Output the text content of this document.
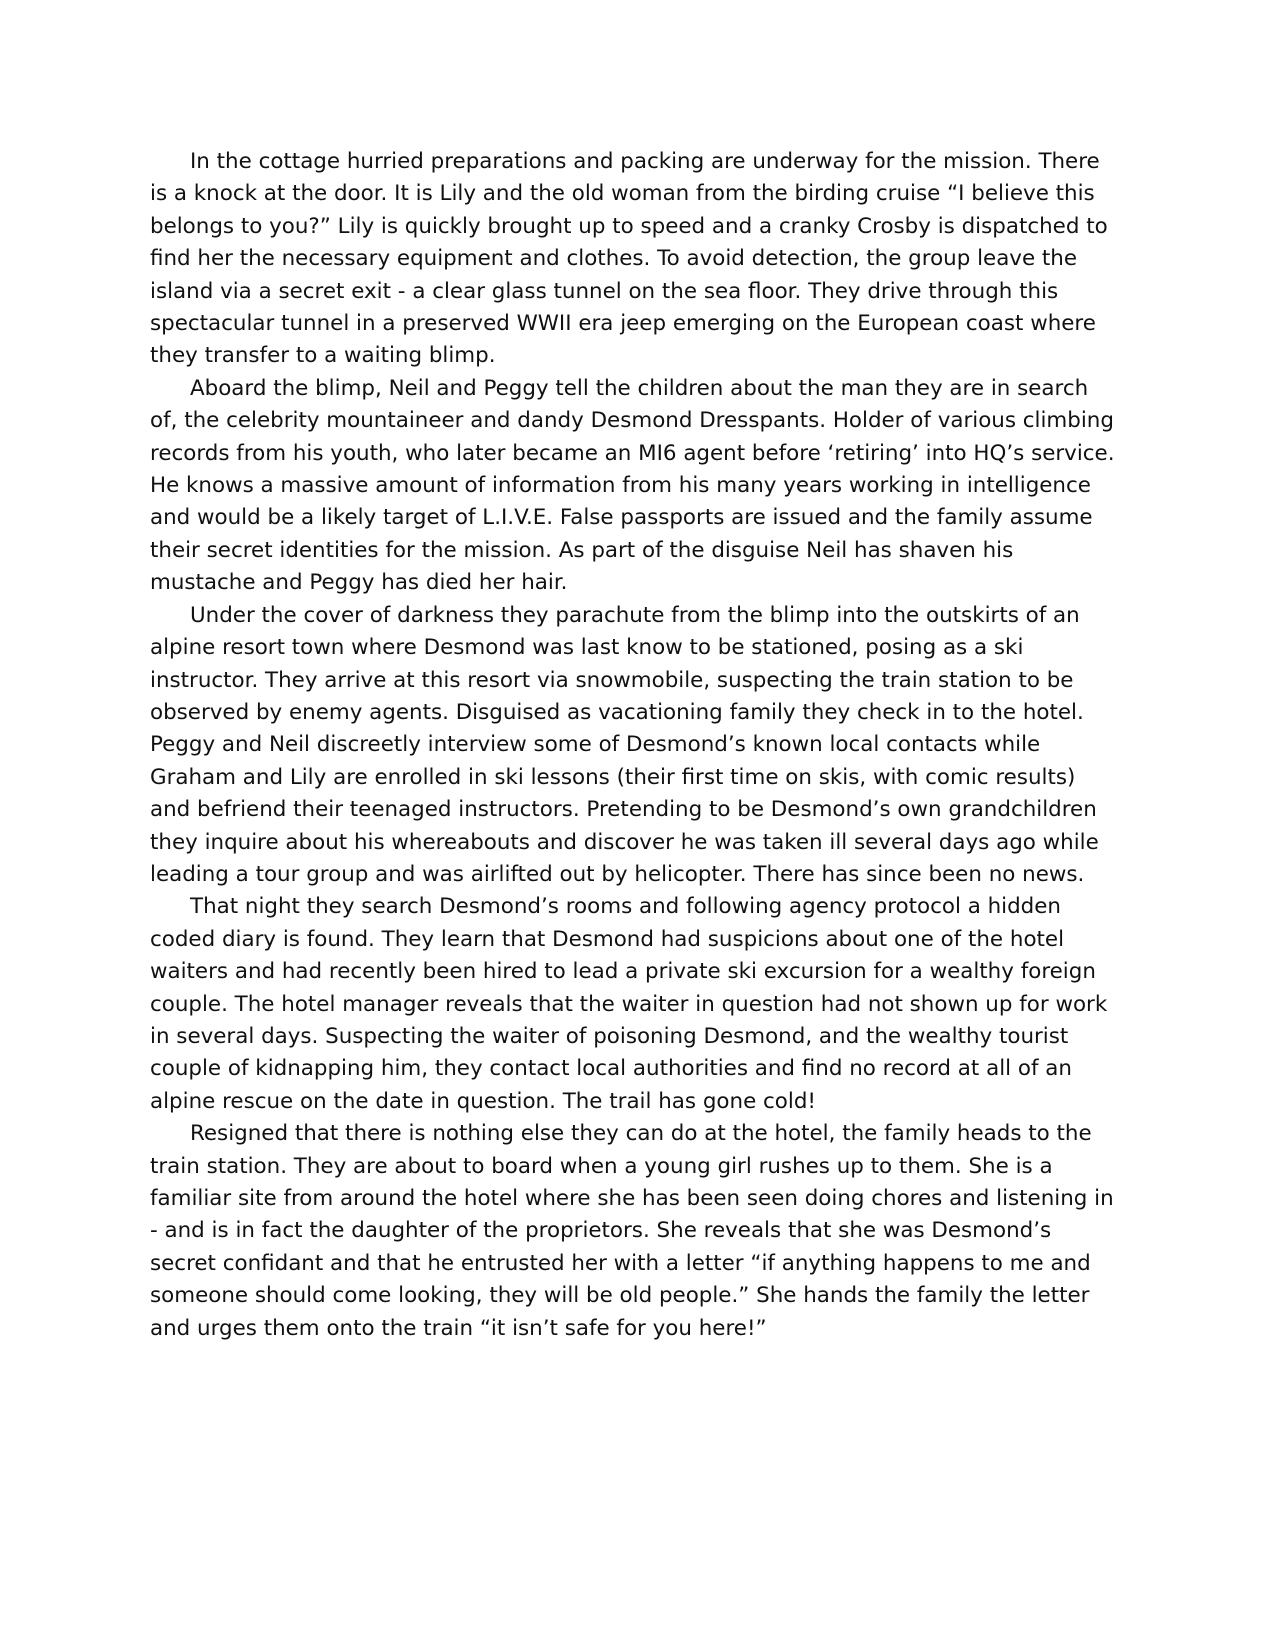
In the cottage hurried preparations and packing are underway for the mission. There is a knock at the door. It is Lily and the old woman from the birding cruise “I believe this belongs to you?” Lily is quickly brought up to speed and a cranky Crosby is dispatched to find her the necessary equipment and clothes. To avoid detection, the group leave the island via a secret exit - a clear glass tunnel on the sea floor. They drive through this spectacular tunnel in a preserved WWII era jeep emerging on the European coast where they transfer to a waiting blimp.

Aboard the blimp, Neil and Peggy tell the children about the man they are in search of, the celebrity mountaineer and dandy Desmond Dresspants. Holder of various climbing records from his youth, who later became an MI6 agent before ‘retiring’ into HQ’s service. He knows a massive amount of information from his many years working in intelligence and would be a likely target of L.I.V.E. False passports are issued and the family assume their secret identities for the mission. As part of the disguise Neil has shaven his mustache and Peggy has died her hair.

Under the cover of darkness they parachute from the blimp into the outskirts of an alpine resort town where Desmond was last know to be stationed, posing as a ski instructor. They arrive at this resort via snowmobile, suspecting the train station to be observed by enemy agents. Disguised as vacationing family they check in to the hotel. Peggy and Neil discreetly interview some of Desmond’s known local contacts while Graham and Lily are enrolled in ski lessons (their first time on skis, with comic results) and befriend their teenaged instructors. Pretending to be Desmond’s own grandchildren they inquire about his whereabouts and discover he was taken ill several days ago while leading a tour group and was airlifted out by helicopter. There has since been no news.

That night they search Desmond’s rooms and following agency protocol a hidden coded diary is found. They learn that Desmond had suspicions about one of the hotel waiters and had recently been hired to lead a private ski excursion for a wealthy foreign couple. The hotel manager reveals that the waiter in question had not shown up for work in several days. Suspecting the waiter of poisoning Desmond, and the wealthy tourist couple of kidnapping him, they contact local authorities and find no record at all of an alpine rescue on the date in question. The trail has gone cold!

Resigned that there is nothing else they can do at the hotel, the family heads to the train station. They are about to board when a young girl rushes up to them. She is a familiar site from around the hotel where she has been seen doing chores and listening in - and is in fact the daughter of the proprietors. She reveals that she was Desmond’s secret confidant and that he entrusted her with a letter “if anything happens to me and someone should come looking, they will be old people.” She hands the family the letter and urges them onto the train “it isn’t safe for you here!”
